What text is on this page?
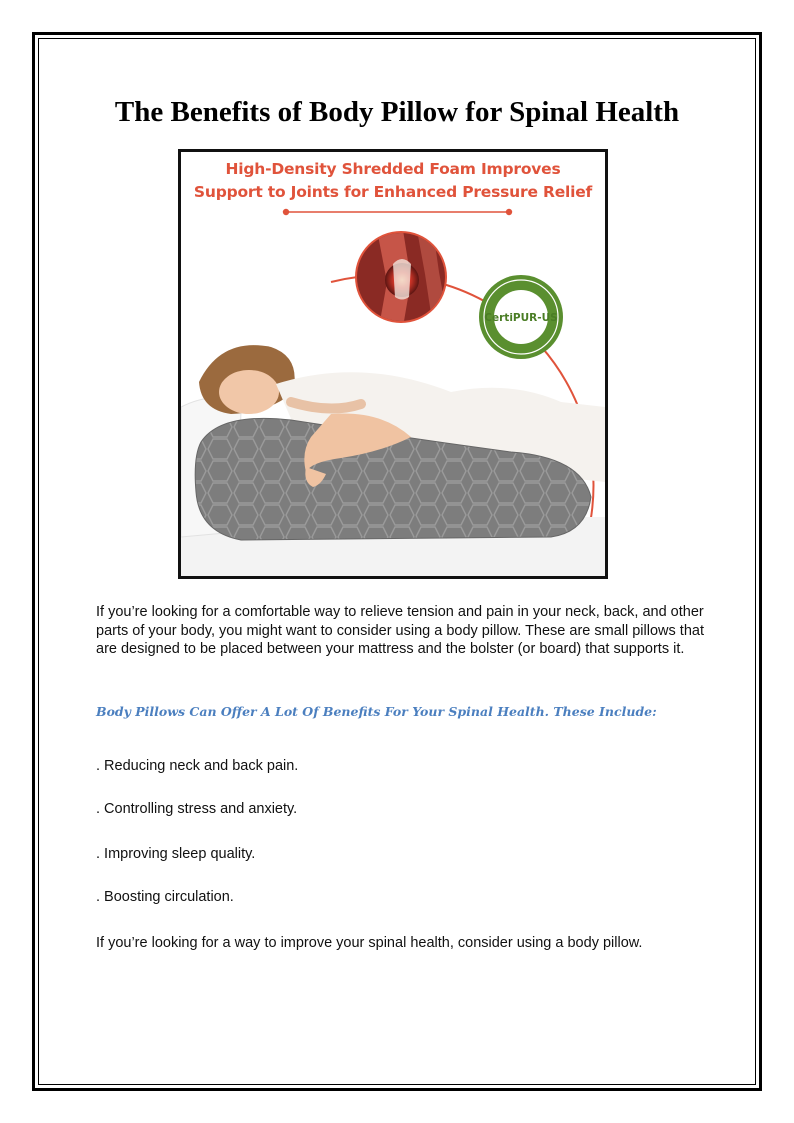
The Benefits of Body Pillow for Spinal Health
CertiPUR-US
High-Density Shredded Foam Improves
Support to Joints for Enhanced Pressure Relief
If you’re looking for a comfortable way to relieve tension and pain in your neck, back, and other parts of your body, you might want to consider using a body pillow. These are small pillows that are designed to be placed between your mattress and the bolster (or board) that supports it.
Body Pillows Can Offer A Lot Of Benefits For Your Spinal Health. These Include:
. Reducing neck and back pain.
. Controlling stress and anxiety.
. Improving sleep quality.
. Boosting circulation.
If you’re looking for a way to improve your spinal health, consider using a body pillow.
